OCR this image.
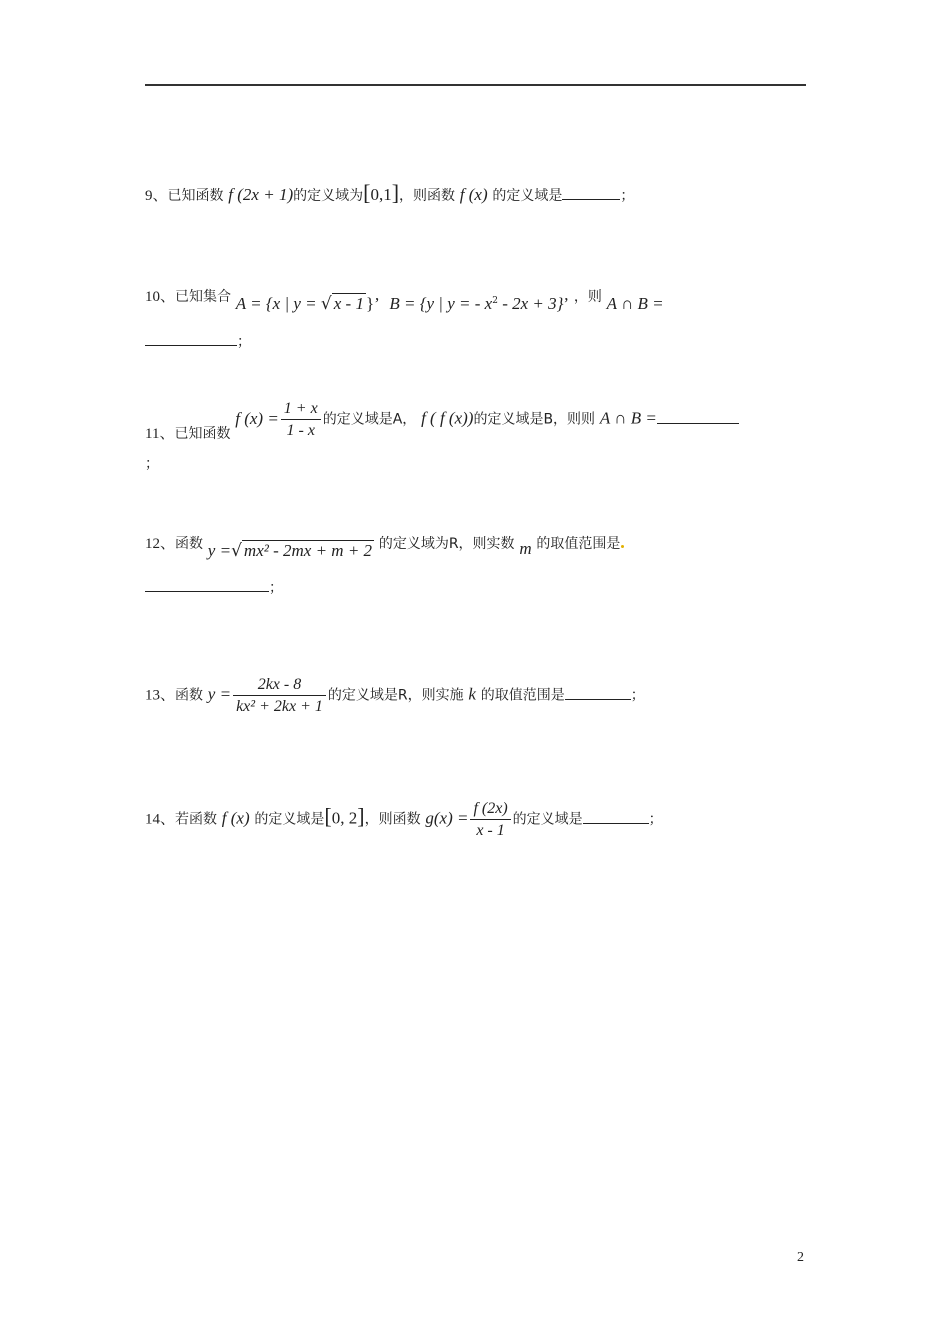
9、已知函数 f (2x + 1)的定义域为[0,1]，则函数 f (x) 的定义域是	；
10、已知集合 A = {x | y = √ x - 1 }’ B = {y | y = - $x^2 - 2x + 3$}’ ，则 A ∩ B =
；
11、已知函数 f $(x) = \frac{1 + x}{1 - x}$ 的定义域是A， f ( f (x))的定义域是B，则则 A ∩ B =
；
12、函数 y =√ mx² - 2mx + m + 2 的定义域为R，则实数 m 的取值范围是
；
13、函数 $y = \frac{2kx - 8}{\text{kx² + 2kx + 1}}$ 的定义域是R，则实施 k 的取值范围是	；
14、若函数 f (x) 的定义域是[0, 2]，则函数 $g(x) = \frac{f (2x)}{x - 1}$ 的定义域是	；
2
